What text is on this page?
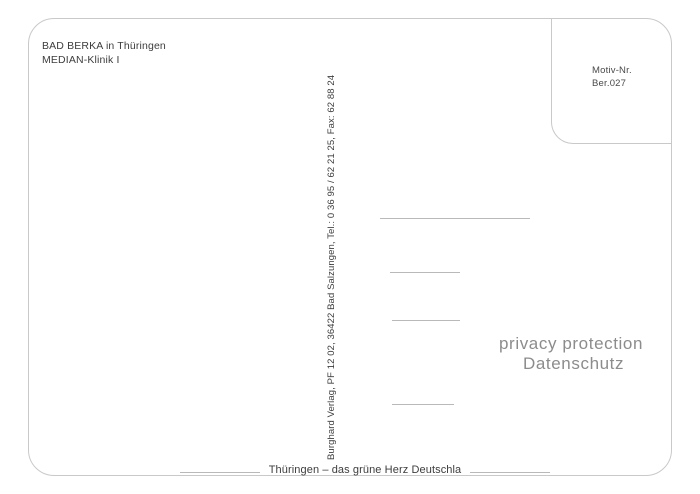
Motiv-Nr.
Ber.027
BAD BERKA in Thüringen
MEDIAN-Klinik I
Burghard Verlag, PF 12 02, 36422 Bad Salzungen, Tel.: 0 36 95 / 62 21 25, Fax: 62 88 24	privacy protection
Datenschutz
Thüringen – das grüne Herz Deutschla
